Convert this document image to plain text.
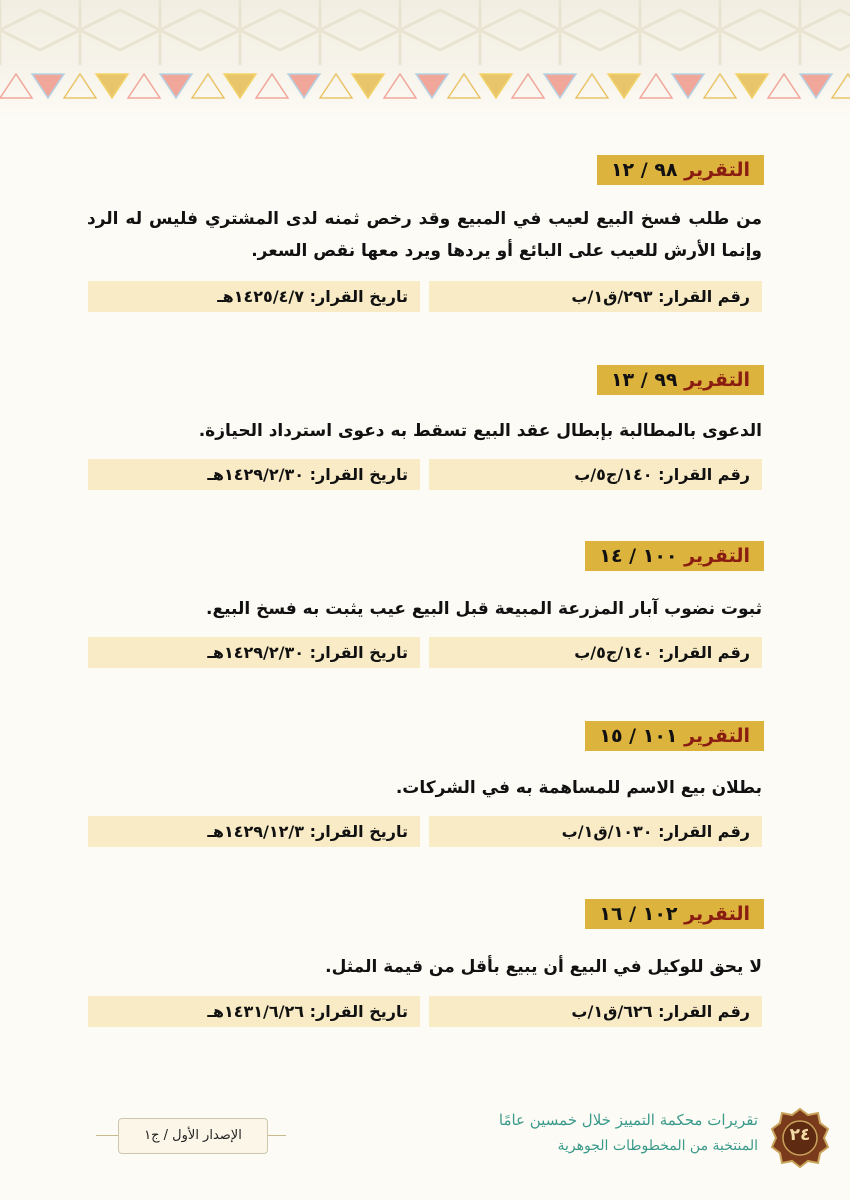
التقرير ٩٨ / ١٢
من طلب فسخ البيع لعيب في المبيع وقد رخص ثمنه لدى المشتري فليس له الرد وإنما الأرش للعيب على البائع أو يردها ويرد معها نقص السعر.
رقم القرار: ٢٩٣/ق١/ب
تاريخ القرار: ١٤٢٥/٤/٧هـ
التقرير ٩٩ / ١٣
الدعوى بالمطالبة بإبطال عقد البيع تسقط به دعوى استرداد الحيازة.
رقم القرار: ١٤٠/ج٥/ب
تاريخ القرار: ١٤٢٩/٢/٣٠هـ
التقرير ١٠٠ / ١٤
ثبوت نضوب آبار المزرعة المبيعة قبل البيع عيب يثبت به فسخ البيع.
رقم القرار: ١٤٠/ج٥/ب
تاريخ القرار: ١٤٢٩/٢/٣٠هـ
التقرير ١٠١ / ١٥
بطلان بيع الاسم للمساهمة به في الشركات.
رقم القرار: ١٠٣٠/ق١/ب
تاريخ القرار: ١٤٢٩/١٢/٣هـ
التقرير ١٠٢ / ١٦
لا يحق للوكيل في البيع أن يبيع بأقل من قيمة المثل.
رقم القرار: ٦٢٦/ق١/ب
تاريخ القرار: ١٤٣١/٦/٢٦هـ
٢٤
تقريرات محكمة التمييز خلال خمسين عامًا
المنتخبة من المخطوطات الجوهرية
الإصدار الأول / ج١
